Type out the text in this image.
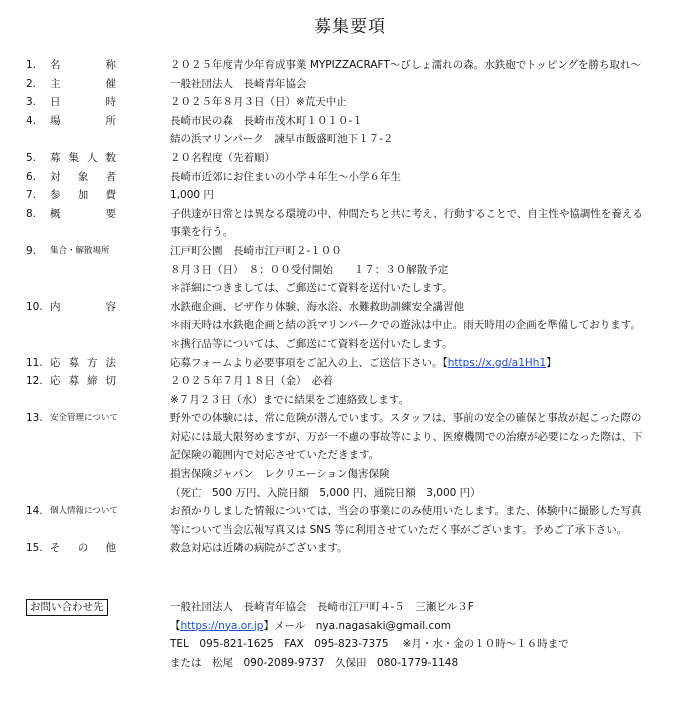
募集要項
1.	名	称	２０２５年度青少年育成事業 MYPIZZACRAFT～びしょ濡れの森。水鉄砲でトッピングを勝ち取れ～
2.	主	催	一般社団法人　長崎青年協会
3.	日	時	２０２５年８月３日（日）※荒天中止
4.	場	所	長崎市民の森　長崎市茂木町１０１０-１
結の浜マリンパーク　諫早市飯盛町池下１７-２
5.	募 集 人 数	２０名程度（先着順）
6.	対 象 者	長崎市近郊にお住まいの小学４年生～小学６年生
7.	参 加 費	1,000 円
8.	概	要	子供達が日常とは異なる環境の中、仲間たちと共に考え、行動することで、自主性や協調性を養える
事業を行う。
9.	集合・解散場所	江戸町公園　長崎市江戸町２-１００
８月３日（日）　８：００受付開始　　１７：３０解散予定
＊詳細につきましては、ご郵送にて資料を送付いたします。
10. 内	容	水鉄砲企画、ピザ作り体験、海水浴、水難救助訓練安全講習他
＊雨天時は水鉄砲企画と結の浜マリンパークでの遊泳は中止。雨天時用の企画を準備しております。
＊携行品等については、ご郵送にて資料を送付いたします。
11. 応 募 方 法	応募フォームより必要事項をご記入の上、ご送信下さい。【https://x.gd/a1Hh1】
12. 応 募 締 切	２０２５年７月１８日（金）　必着
※７月２３日（水）までに結果をご連絡致します。
13. 安全管理について	野外での体験には、常に危険が潜んでいます。スタッフは、事前の安全の確保と事故が起こった際の
対応には最大限努めますが、万が一不慮の事故等により、医療機関での治療が必要になった際は、下
記保険の範囲内で対応させていただきます。
損害保険ジャパン　レクリエーション傷害保険
（死亡　500 万円、入院日額　5,000 円、通院日額　3,000 円）
14. 個人情報について	お預かりしました情報については、当会の事業にのみ使用いたします。また、体験中に撮影した写真
等について当会広報写真又は SNS 等に利用させていただく事がございます。予めご了承下さい。
15. そ の 他	救急対応は近隣の病院がございます。
お問い合わせ先	一般社団法人　長崎青年協会　長崎市江戸町４-５　三瀬ビル３F
【https://nya.or.jp】メール　nya.nagasaki@gmail.com
TEL　095-821-1625　FAX　095-823-7375　 ※月・水・金の１０時～１６時まで
または　松尾　090-2089-9737　久保田　080-1779-1148
